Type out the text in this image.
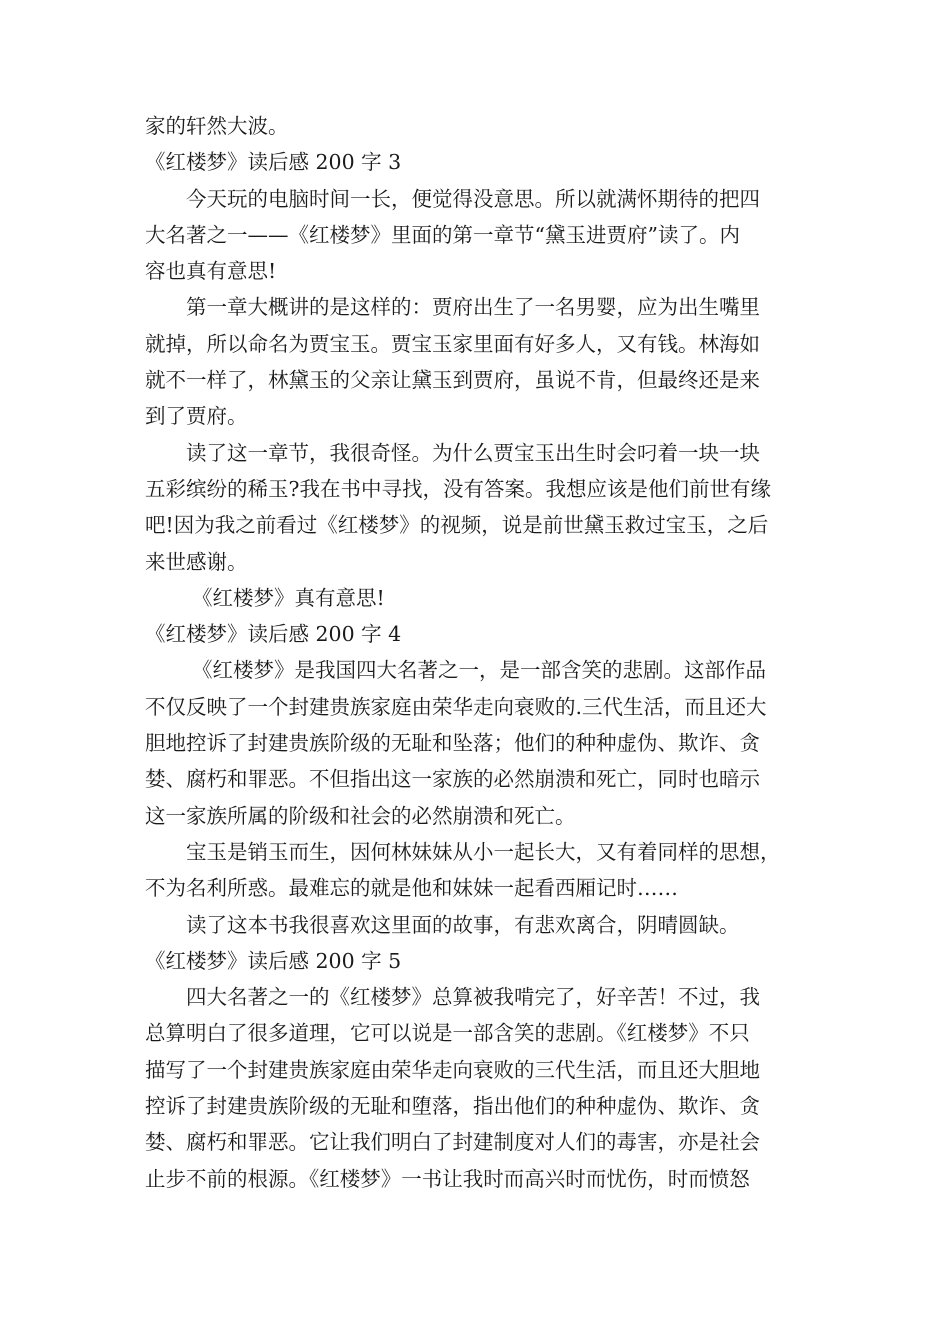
家的轩然大波。
《红楼梦》读后感 200 字 3
今天玩的电脑时间一长，便觉得没意思。所以就满怀期待的把四
大名著之一——《红楼梦》里面的第一章节“黛玉进贾府”读了。内
容也真有意思!
第一章大概讲的是这样的：贾府出生了一名男婴，应为出生嘴里
就掉，所以命名为贾宝玉。贾宝玉家里面有好多人，又有钱。林海如
就不一样了，林黛玉的父亲让黛玉到贾府，虽说不肯，但最终还是来
到了贾府。
读了这一章节，我很奇怪。为什么贾宝玉出生时会叼着一块一块
五彩缤纷的稀玉?我在书中寻找，没有答案。我想应该是他们前世有缘
吧!因为我之前看过《红楼梦》的视频，说是前世黛玉救过宝玉，之后
来世感谢。
《红楼梦》真有意思!
《红楼梦》读后感 200 字 4
《红楼梦》是我国四大名著之一，是一部含笑的悲剧。这部作品
不仅反映了一个封建贵族家庭由荣华走向衰败的.三代生活，而且还大
胆地控诉了封建贵族阶级的无耻和坠落；他们的种种虚伪、欺诈、贪
婪、腐朽和罪恶。不但指出这一家族的必然崩溃和死亡，同时也暗示
这一家族所属的阶级和社会的必然崩溃和死亡。
宝玉是销玉而生，因何林妹妹从小一起长大，又有着同样的思想，
不为名利所惑。最难忘的就是他和妹妹一起看西厢记时……
读了这本书我很喜欢这里面的故事，有悲欢离合，阴晴圆缺。
《红楼梦》读后感 200 字 5
四大名著之一的《红楼梦》总算被我啃完了，好辛苦！不过，我
总算明白了很多道理，它可以说是一部含笑的悲剧。《红楼梦》不只
描写了一个封建贵族家庭由荣华走向衰败的三代生活，而且还大胆地
控诉了封建贵族阶级的无耻和堕落，指出他们的种种虚伪、欺诈、贪
婪、腐朽和罪恶。它让我们明白了封建制度对人们的毒害，亦是社会
止步不前的根源。《红楼梦》一书让我时而高兴时而忧伤，时而愤怒
